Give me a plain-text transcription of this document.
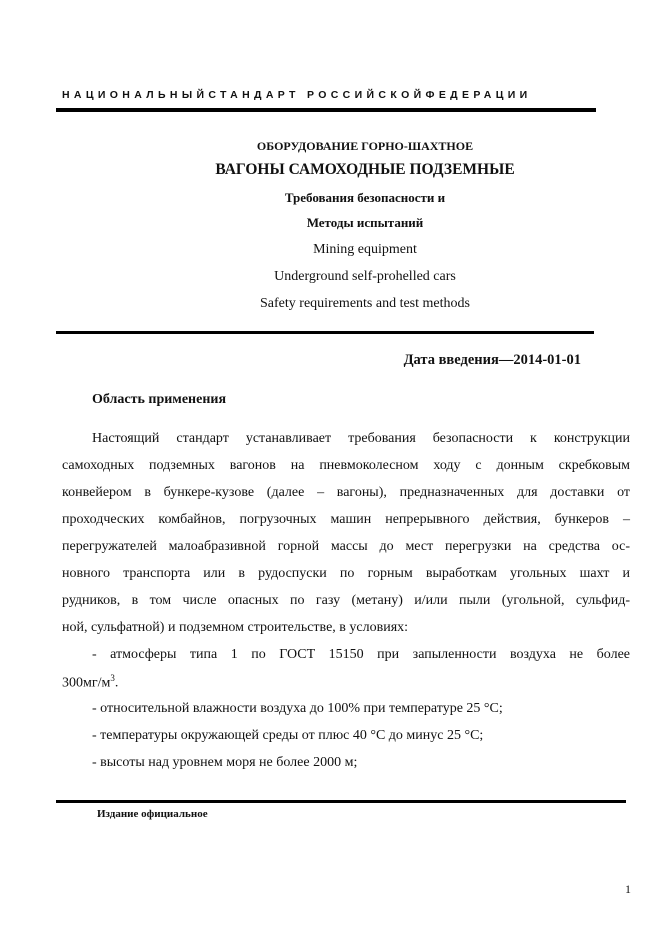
НАЦИОНАЛЬНЫЙСТАНДАРТ РОССИЙСКОЙФЕДЕРАЦИИ
ОБОРУДОВАНИЕ ГОРНО-ШАХТНОЕ
ВАГОНЫ САМОХОДНЫЕ ПОДЗЕМНЫЕ
Требования безопасности и
Методы испытаний
Mining equipment
Underground self-prohelled cars
Safety requirements and test methods
Дата введения—2014-01-01
Область применения
Настоящий стандарт устанавливает требования безопасности к конструкции
самоходных подземных вагонов на пневмоколесном ходу с донным скребковым
конвейером в бункере-кузове (далее – вагоны), предназначенных для доставки от
проходческих комбайнов, погрузочных машин непрерывного действия, бункеров –
перегружателей малоабразивной горной массы до мест перегрузки на средства ос-
новного транспорта или в рудоспуски по горным выработкам угольных шахт и
рудников, в том числе опасных по газу (метану) и/или пыли (угольной, сульфид-
ной, сульфатной) и подземном строительстве, в условиях:
- атмосферы типа 1 по ГОСТ 15150 при запыленности воздуха не более
$300мг/м^3$.
- относительной влажности воздуха до 100% при температуре 25 °С;
- температуры окружающей среды от плюс 40 °С до минус 25 °С;
- высоты над уровнем моря не более 2000 м;
Издание официальное
1
